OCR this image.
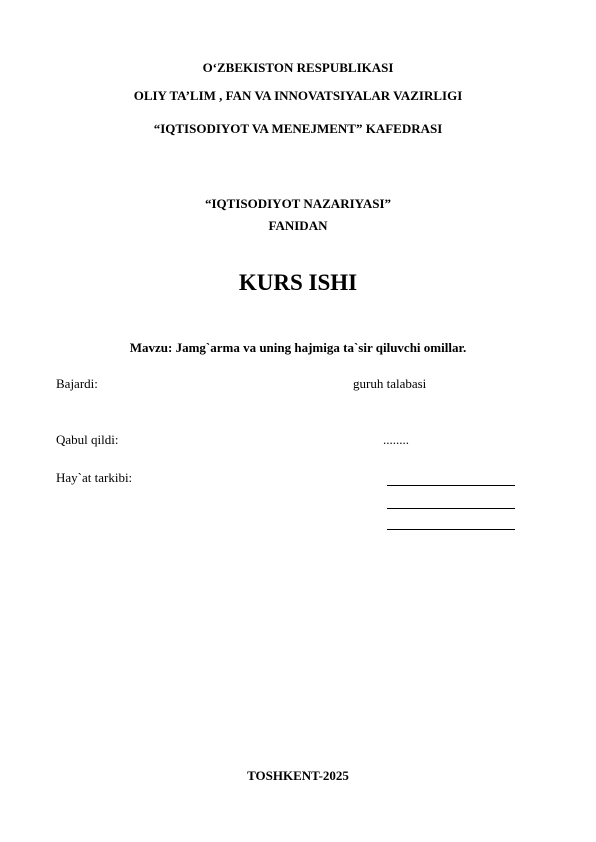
O‘ZBEKISTON RESPUBLIKASI
OLIY TA’LIM , FAN VA INNOVATSIYALAR VAZIRLIGI
“IQTISODIYOT VA MENEJMENT” KAFEDRASI
“IQTISODIYOT NAZARIYASI”
FANIDAN
KURS ISHI
Mavzu: Jamg`arma va uning hajmiga ta`sir qiluvchi omillar.
Bajardi:	guruh talabasi
Qabul qildi:	........
Hay`at tarkibi:
TOSHKENT-2025
